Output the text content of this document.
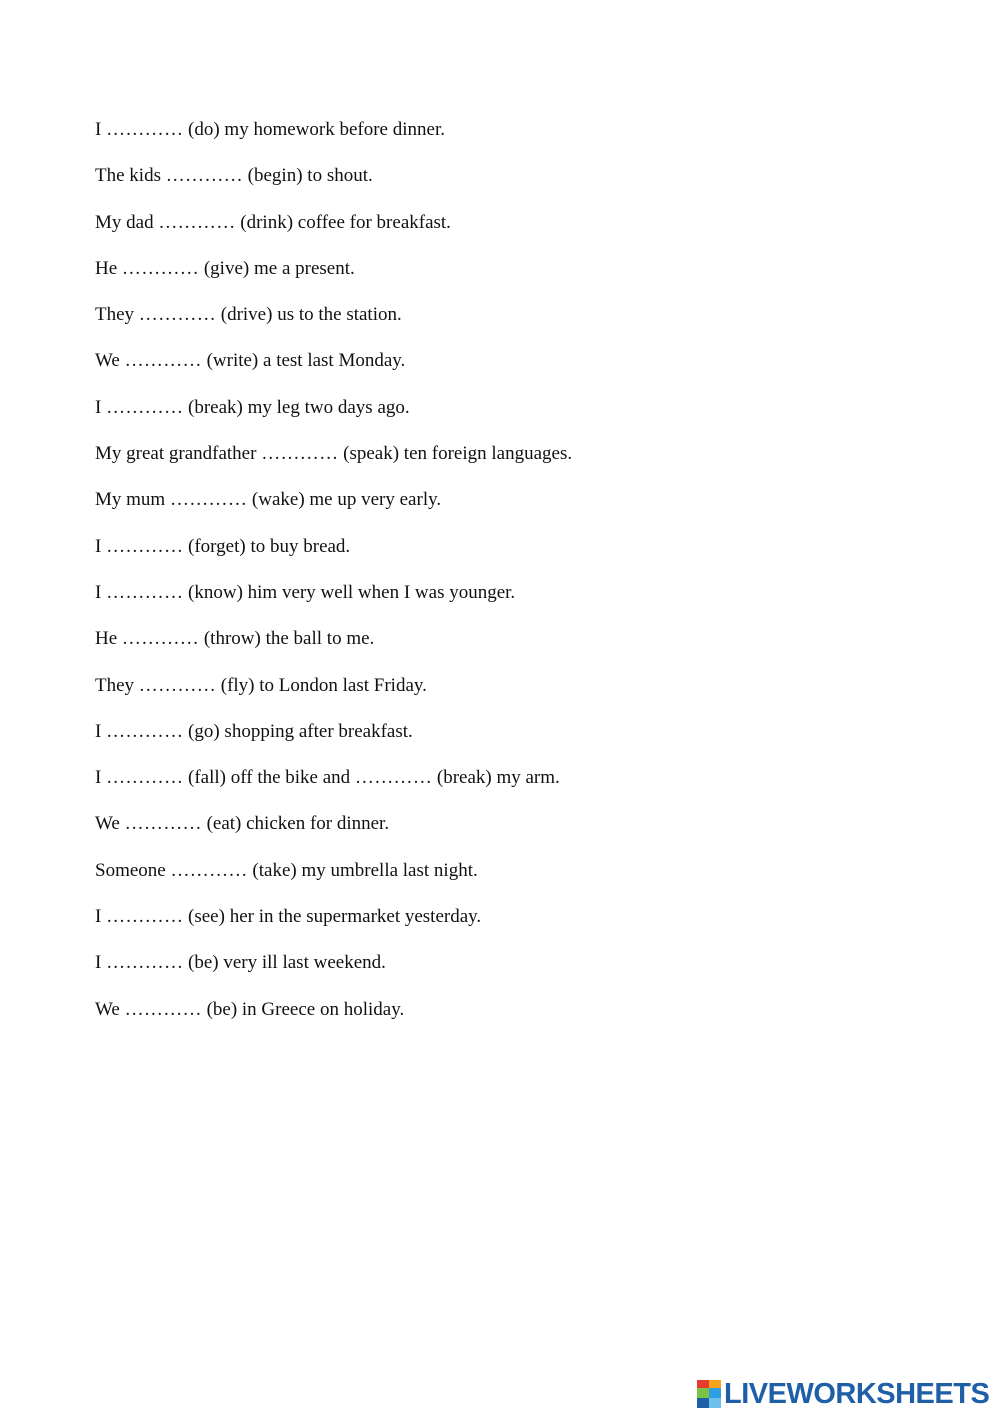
I ………… (do) my homework before dinner.
The kids ………… (begin) to shout.
My dad ………… (drink) coffee for breakfast.
He ………… (give) me a present.
They ………… (drive) us to the station.
We ………… (write) a test last Monday.
I ………… (break) my leg two days ago.
My great grandfather ………… (speak) ten foreign languages.
My mum ………… (wake) me up very early.
I ………… (forget) to buy bread.
I ………… (know) him very well when I was younger.
He ………… (throw) the ball to me.
They ………… (fly) to London last Friday.
I ………… (go) shopping after breakfast.
I ………… (fall) off the bike and ………… (break) my arm.
We ………… (eat) chicken for dinner.
Someone ………… (take) my umbrella last night.
I ………… (see) her in the supermarket yesterday.
I ………… (be) very ill last weekend.
We ………… (be) in Greece on holiday.
LIVEWORKSHEETS
